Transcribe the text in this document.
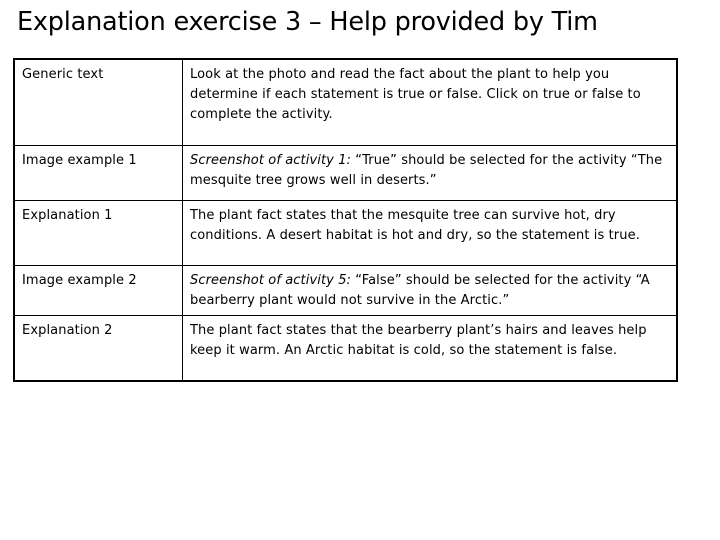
Explanation exercise 3 – Help provided by Tim
Generic text	Look at the photo and read the fact about the plant to help you determine if each statement is true or false. Click on true or false to complete the activity.
Image example 1	Screenshot of activity 1: “True” should be selected for the activity “The mesquite tree grows well in deserts.”
Explanation 1	The plant fact states that the mesquite tree can survive hot, dry conditions. A desert habitat is hot and dry, so the statement is true.
Image example 2	Screenshot of activity 5: “False” should be selected for the activity “A bearberry plant would not survive in the Arctic.”
Explanation 2	The plant fact states that the bearberry plant’s hairs and leaves help keep it warm. An Arctic habitat is cold, so the statement is false.
